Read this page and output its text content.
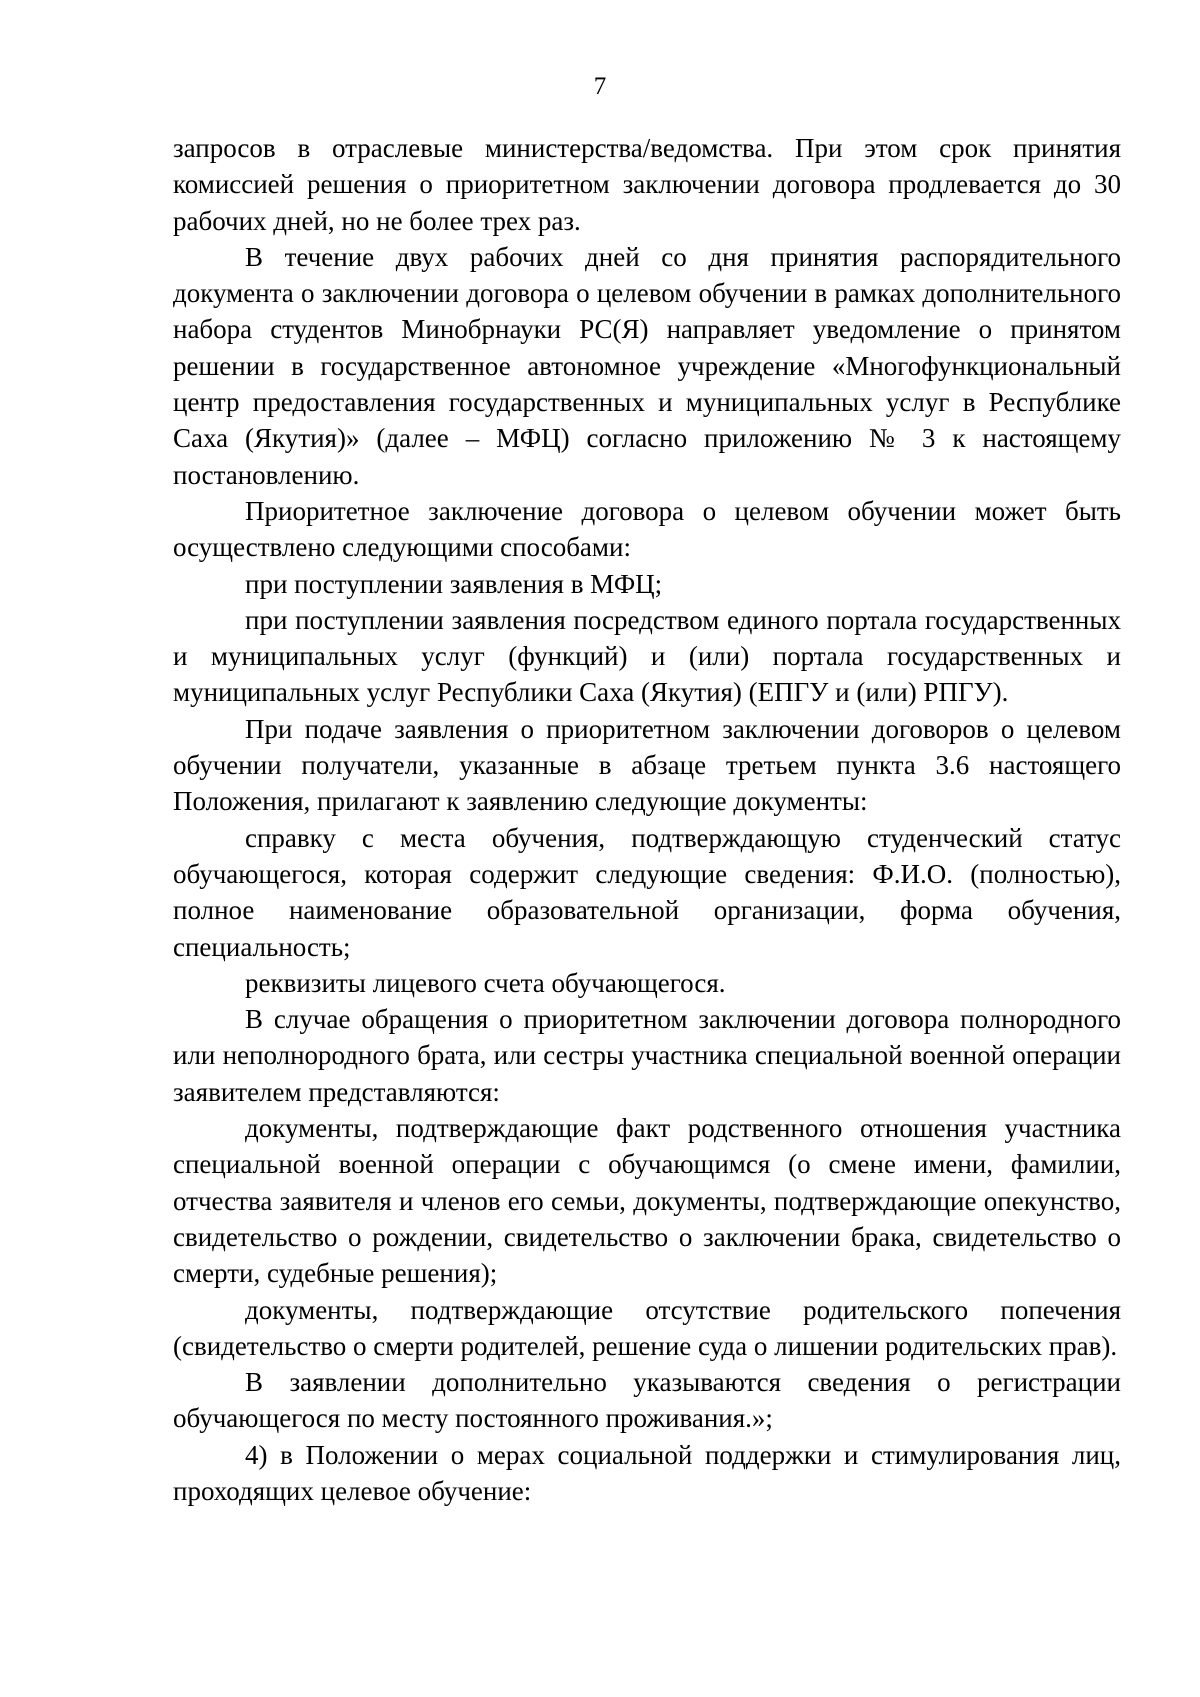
7

запросов в отраслевые министерства/ведомства. При этом срок принятия комиссией решения о приоритетном заключении договора продлевается до 30 рабочих дней, но не более трех раз.

В течение двух рабочих дней со дня принятия распорядительного документа о заключении договора о целевом обучении в рамках дополнительного набора студентов Минобрнауки РС(Я) направляет уведомление о принятом решении в государственное автономное учреждение «Многофункциональный центр предоставления государственных и муниципальных услуг в Республике Саха (Якутия)» (далее – МФЦ) согласно приложению № 3 к настоящему постановлению.

Приоритетное заключение договора о целевом обучении может быть осуществлено следующими способами:

при поступлении заявления в МФЦ;

при поступлении заявления посредством единого портала государственных и муниципальных услуг (функций) и (или) портала государственных и муниципальных услуг Республики Саха (Якутия) (ЕПГУ и (или) РПГУ).

При подаче заявления о приоритетном заключении договоров о целевом обучении получатели, указанные в абзаце третьем пункта 3.6 настоящего Положения, прилагают к заявлению следующие документы:

справку с места обучения, подтверждающую студенческий статус обучающегося, которая содержит следующие сведения: Ф.И.О. (полностью), полное наименование образовательной организации, форма обучения, специальность;

реквизиты лицевого счета обучающегося.

В случае обращения о приоритетном заключении договора полнородного или неполнородного брата, или сестры участника специальной военной операции заявителем представляются:

документы, подтверждающие факт родственного отношения участника специальной военной операции с обучающимся (о смене имени, фамилии, отчества заявителя и членов его семьи, документы, подтверждающие опекунство, свидетельство о рождении, свидетельство о заключении брака, свидетельство о смерти, судебные решения);

документы, подтверждающие отсутствие родительского попечения (свидетельство о смерти родителей, решение суда о лишении родительских прав).

В заявлении дополнительно указываются сведения о регистрации обучающегося по месту постоянного проживания.»;

4) в Положении о мерах социальной поддержки и стимулирования лиц, проходящих целевое обучение:
